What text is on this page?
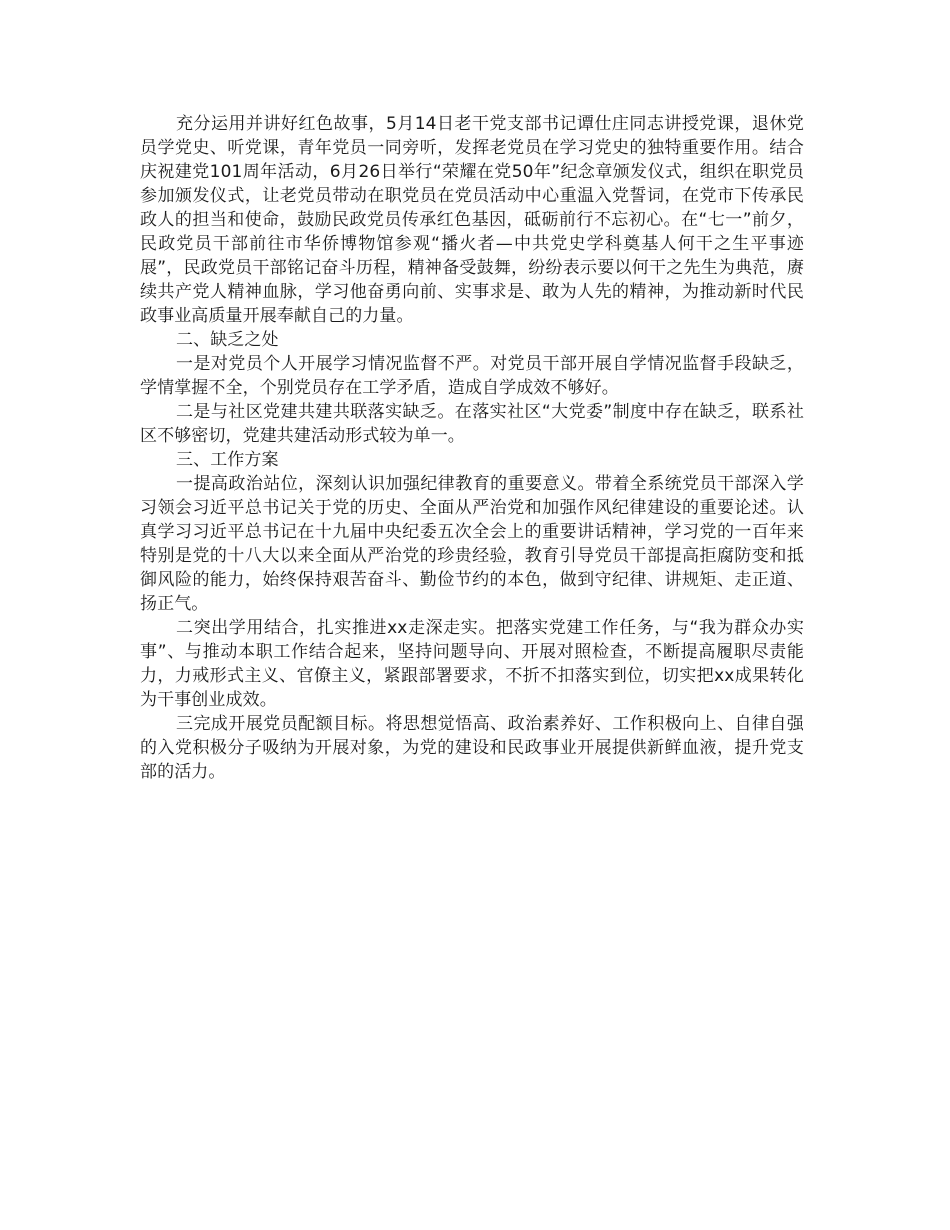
充分运用并讲好红色故事，5月14日老干党支部书记谭仕庄同志讲授党课，退休党员学党史、听党课，青年党员一同旁听，发挥老党员在学习党史的独特重要作用。结合庆祝建党101周年活动，6月26日举行“荣耀在党50年”纪念章颁发仪式，组织在职党员参加颁发仪式，让老党员带动在职党员在党员活动中心重温入党誓词，在党市下传承民政人的担当和使命，鼓励民政党员传承红色基因，砥砺前行不忘初心。在“七一”前夕，民政党员干部前往市华侨博物馆参观“播火者—中共党史学科奠基人何干之生平事迹展”，民政党员干部铭记奋斗历程，精神备受鼓舞，纷纷表示要以何干之先生为典范，赓续共产党人精神血脉，学习他奋勇向前、实事求是、敢为人先的精神，为推动新时代民政事业高质量开展奉献自己的力量。

二、缺乏之处

一是对党员个人开展学习情况监督不严。对党员干部开展自学情况监督手段缺乏，学情掌握不全，个别党员存在工学矛盾，造成自学成效不够好。

二是与社区党建共建共联落实缺乏。在落实社区“大党委”制度中存在缺乏，联系社区不够密切，党建共建活动形式较为单一。

三、工作方案

一提高政治站位，深刻认识加强纪律教育的重要意义。带着全系统党员干部深入学习领会习近平总书记关于党的历史、全面从严治党和加强作风纪律建设的重要论述。认真学习习近平总书记在十九届中央纪委五次全会上的重要讲话精神，学习党的一百年来特别是党的十八大以来全面从严治党的珍贵经验，教育引导党员干部提高拒腐防变和抵御风险的能力，始终保持艰苦奋斗、勤俭节约的本色，做到守纪律、讲规矩、走正道、扬正气。

二突出学用结合，扎实推进xx走深走实。把落实党建工作任务，与“我为群众办实事”、与推动本职工作结合起来，坚持问题导向、开展对照检查，不断提高履职尽责能力，力戒形式主义、官僚主义，紧跟部署要求，不折不扣落实到位，切实把xx成果转化为干事创业成效。

三完成开展党员配额目标。将思想觉悟高、政治素养好、工作积极向上、自律自强的入党积极分子吸纳为开展对象，为党的建设和民政事业开展提供新鲜血液，提升党支部的活力。
